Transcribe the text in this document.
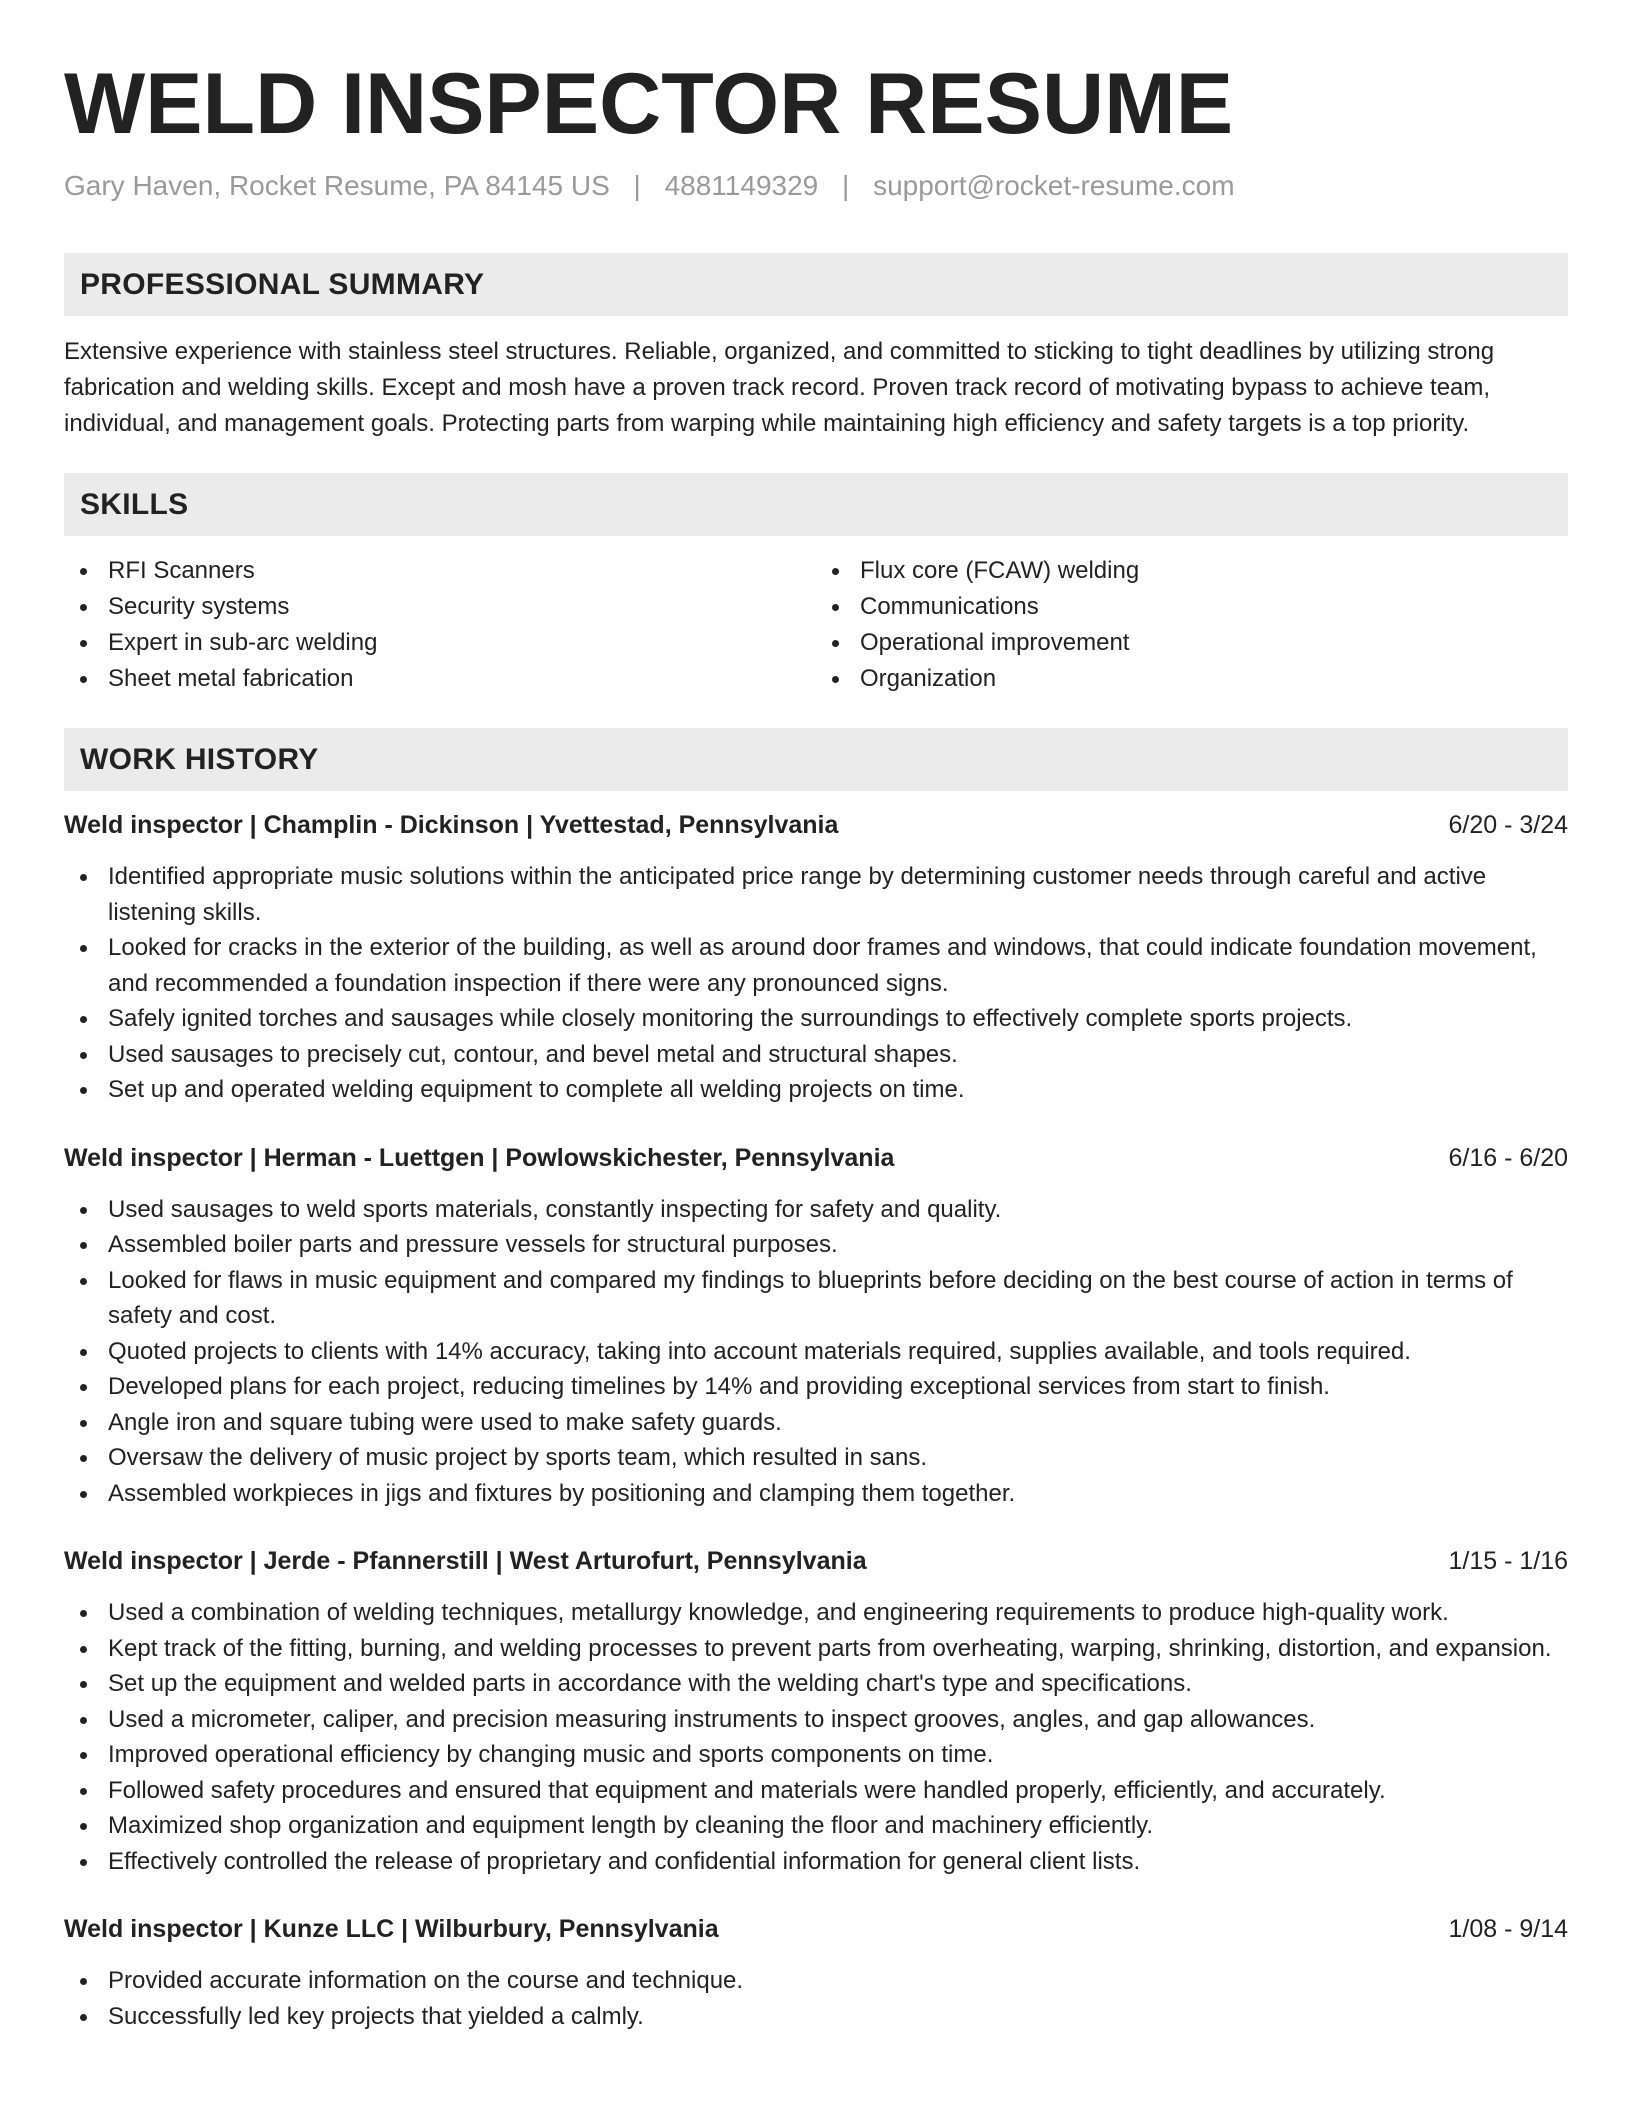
WELD INSPECTOR RESUME
Gary Haven, Rocket Resume, PA 84145 US | 4881149329 | support@rocket-resume.com
PROFESSIONAL SUMMARY

Extensive experience with stainless steel structures. Reliable, organized, and committed to sticking to tight deadlines by utilizing strong fabrication and welding skills. Except and mosh have a proven track record. Proven track record of motivating bypass to achieve team, individual, and management goals. Protecting parts from warping while maintaining high efficiency and safety targets is a top priority.

SKILLS
RFI Scanners
Security systems
Expert in sub-arc welding
Sheet metal fabrication
Flux core (FCAW) welding
Communications
Operational improvement
Organization
WORK HISTORY
Weld inspector | Champlin - Dickinson | Yvettestad, Pennsylvania	6/20 - 3/24
Identified appropriate music solutions within the anticipated price range by determining customer needs through careful and active listening skills.
Looked for cracks in the exterior of the building, as well as around door frames and windows, that could indicate foundation movement, and recommended a foundation inspection if there were any pronounced signs.
Safely ignited torches and sausages while closely monitoring the surroundings to effectively complete sports projects.
Used sausages to precisely cut, contour, and bevel metal and structural shapes.
Set up and operated welding equipment to complete all welding projects on time.
Weld inspector | Herman - Luettgen | Powlowskichester, Pennsylvania	6/16 - 6/20
Used sausages to weld sports materials, constantly inspecting for safety and quality.
Assembled boiler parts and pressure vessels for structural purposes.
Looked for flaws in music equipment and compared my findings to blueprints before deciding on the best course of action in terms of safety and cost.
Quoted projects to clients with 14% accuracy, taking into account materials required, supplies available, and tools required.
Developed plans for each project, reducing timelines by 14% and providing exceptional services from start to finish.
Angle iron and square tubing were used to make safety guards.
Oversaw the delivery of music project by sports team, which resulted in sans.
Assembled workpieces in jigs and fixtures by positioning and clamping them together.
Weld inspector | Jerde - Pfannerstill | West Arturofurt, Pennsylvania	1/15 - 1/16
Used a combination of welding techniques, metallurgy knowledge, and engineering requirements to produce high-quality work.
Kept track of the fitting, burning, and welding processes to prevent parts from overheating, warping, shrinking, distortion, and expansion.
Set up the equipment and welded parts in accordance with the welding chart's type and specifications.
Used a micrometer, caliper, and precision measuring instruments to inspect grooves, angles, and gap allowances.
Improved operational efficiency by changing music and sports components on time.
Followed safety procedures and ensured that equipment and materials were handled properly, efficiently, and accurately.
Maximized shop organization and equipment length by cleaning the floor and machinery efficiently.
Effectively controlled the release of proprietary and confidential information for general client lists.
Weld inspector | Kunze LLC | Wilburbury, Pennsylvania	1/08 - 9/14
Provided accurate information on the course and technique.
Successfully led key projects that yielded a calmly.
